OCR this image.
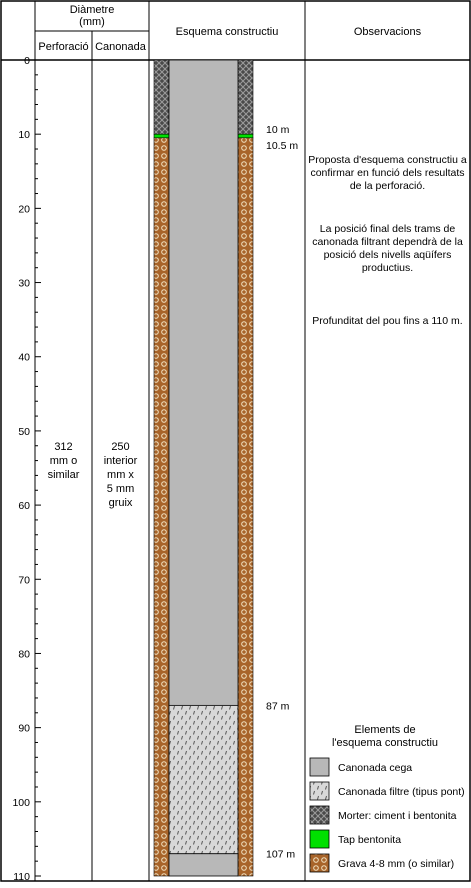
Diàmetre
(mm)
Perforació Canonada
Esquema constructiu	Observacions
0
10
20
30
40
50
60
70
80
90
100
110
10 m
10.5 m
87 m
107 m
312
mm o
similar
250
interior
mm x
5 mm
gruix
Proposta d'esquema constructiu a
confirmar en funció dels resultats
de la perforació.
La posició final dels trams de
canonada filtrant dependrà de la
posició dels nivells aqüífers
productius.
Profunditat del pou fins a 110 m.
Elements de
l'esquema constructiu
Canonada cega
Canonada filtre (tipus pont)
Morter: ciment i bentonita
Tap bentonita
Grava 4-8 mm (o similar)
